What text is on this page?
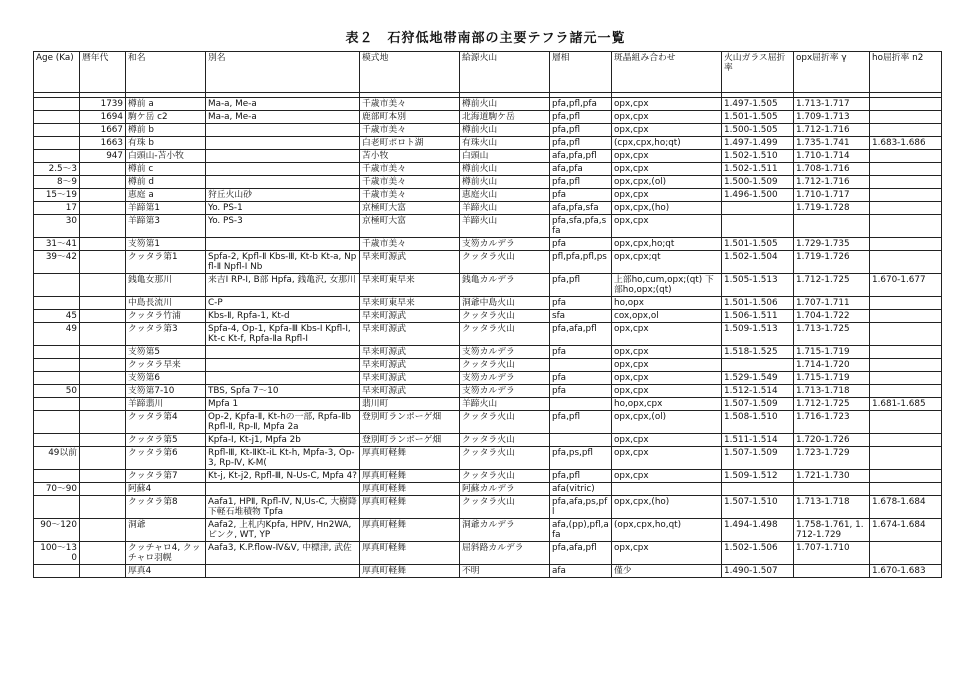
表２　石狩低地帯南部の主要テフラ諸元一覧
Age (Ka)	暦年代	和名	別名	模式地	給源火山	層相	斑晶組み合わせ	火山ガラス屈折率	opx屈折率 γ	ho屈折率 n2

	1739	樽前 a	Ma-a, Me-a	千歳市美々	樽前火山	pfa,pfl,pfa	opx,cpx	1.497-1.505	1.713-1.717	
	1694	駒ケ岳 c2	Ma-a, Me-a	鹿部町本別	北海道駒ケ岳	pfa,pfl	opx,cpx	1.501-1.505	1.709-1.713	
	1667	樽前 b		千歳市美々	樽前火山	pfa,pfl	opx,cpx	1.500-1.505	1.712-1.716	
	1663	有珠 b		白老町ポロト湖	有珠火山	pfa,pfl	(cpx,cpx,ho;qt)	1.497-1.499	1.735-1.741	1.683-1.686
	947	白頭山-苫小牧		苫小牧	白頭山	afa,pfa,pfl	opx,cpx	1.502-1.510	1.710-1.714	
2.5～3		樽前 c		千歳市美々	樽前火山	afa,pfa	opx,cpx	1.502-1.511	1.708-1.716	
8～9		樽前 d		千歳市美々	樽前火山	pfa,pfl	opx,cpx,(ol)	1.500-1.509	1.712-1.716	
15～19		恵庭 a	狩丘火山砂	千歳市美々	恵庭火山	pfa	opx,cpx	1.496-1.500	1.710-1.717	
17		羊蹄第1	Yo. PS-1	京極町大富	羊蹄火山	afa,pfa,sfa	opx,cpx,(ho)		1.719-1.728	
30		羊蹄第3	Yo. PS-3	京極町大富	羊蹄火山	pfa,sfa,pfa,sfa	opx,cpx			
31～41		支笏第1		千歳市美々	支笏カルデラ	pfa	opx,cpx,ho;qt	1.501-1.505	1.729-1.735	
39～42		クッタラ第1	Spfa-2, Kpfl-Ⅱ Kbs-Ⅲ, Kt-b Kt-a, Npfl-Ⅱ Npfl-Ⅰ Nb	早来町源武	クッタラ火山	pfl,pfa,pfl,ps	opx,cpx;qt	1.502-1.504	1.719-1.726	
		銭亀女那川	来吉Ⅰ RP-Ⅰ, B部 Hpfa, 銭亀沢, 女那川	早来町東早来	銭亀カルデラ	pfa,pfl	上部ho,cum,opx;(qt) 下部ho,opx;(qt)	1.505-1.513	1.712-1.725	1.670-1.677
		中島長流川	C-P	早来町東早来	洞爺中島火山	pfa	ho,opx	1.501-1.506	1.707-1.711	
45		クッタラ竹浦	Kbs-Ⅱ, Rpfa-1, Kt-d	早来町源武	クッタラ火山	sfa	cox,opx,ol	1.506-1.511	1.704-1.722	
49		クッタラ第3	Spfa-4, Op-1, Kpfa-Ⅲ Kbs-Ⅰ Kpfl-Ⅰ, Kt-c Kt-f, Rpfa-Ⅱa Rpfl-Ⅰ	早来町源武	クッタラ火山	pfa,afa,pfl	opx,cpx	1.509-1.513	1.713-1.725	
		支笏第5		早来町源武	支笏カルデラ	pfa	opx,cpx	1.518-1.525	1.715-1.719	
		クッタラ早来		早来町源武	クッタラ火山		opx,cpx		1.714-1.720	
		支笏第6		早来町源武	支笏カルデラ	pfa	opx,cpx	1.529-1.549	1.715-1.719	
50		支笏第7-10	TBS, Spfa 7～10	早来町源武	支笏カルデラ	pfa	opx,cpx	1.512-1.514	1.713-1.718	
		羊蹄翡川	Mpfa 1	翡川町	羊蹄火山		ho,opx,cpx	1.507-1.509	1.712-1.725	1.681-1.685
		クッタラ第4	Op-2, Kpfa-Ⅱ, Kt-hの一部, Rpfa-Ⅱb Rpfl-Ⅱ, Rp-Ⅱ, Mpfa 2a	登別町ランポーゲ畑	クッタラ火山	pfa,pfl	opx,cpx,(ol)	1.508-1.510	1.716-1.723	
		クッタラ第5	Kpfa-Ⅰ, Kt-j1, Mpfa 2b	登別町ランボーゲ畑	クッタラ火山		opx,cpx	1.511-1.514	1.720-1.726	
49以前		クッタラ第6	Rpfl-Ⅲ, Kt-ⅡKt-iL Kt-h, Mpfa-3, Op-3, Rp-Ⅳ, K-M(	厚真町軽舞	クッタラ火山	pfa,ps,pfl	opx,cpx	1.507-1.509	1.723-1.729	
		クッタラ第7	Kt-j, Kt-j2, Rpfl-Ⅲ, N-Us-C, Mpfa 4?	厚真町軽舞	クッタラ火山	pfa,pfl	opx,cpx	1.509-1.512	1.721-1.730	
70～90		阿蘇4		厚真町軽舞	阿蘇カルデラ	afa(vitric)				
		クッタラ第8	Aafa1, HPⅡ, Rpfl-Ⅳ, N,Us-C, 大樹降下軽石堆積物 Tpfa	厚真町軽舞	クッタラ火山	pfa,afa,ps,pfl	opx,cpx,(ho)	1.507-1.510	1.713-1.718	1.678-1.684
90～120		洞爺	Aafa2, 上札内Kpfa, HPⅣ, Hn2WA, ピンク, WT, YP	厚真町軽舞	洞爺カルデラ	afa,(pp),pfl,afa	(opx,cpx,ho,qt)	1.494-1.498	1.758-1.761, 1.712-1.729	1.674-1.684
100～130		クッチャロ4, クッチャロ羽幌	Aafa3, K.P.flow-Ⅳ&Ⅴ, 中標津, 武佐	厚真町軽舞	屈斜路カルデラ	pfa,afa,pfl	opx,cpx	1.502-1.506	1.707-1.710	
		厚真4		厚真町軽舞	不明	afa	僅少	1.490-1.507		1.670-1.683
